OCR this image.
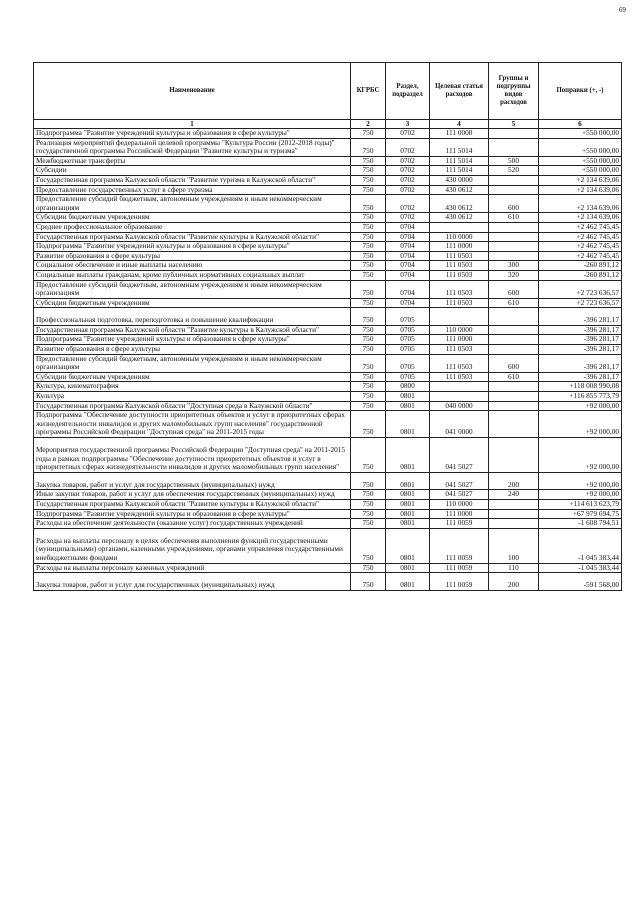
69
Наименование	КГРБС	Раздел, подраздел	Целевая статья расходов	Группы и подгруппы видов расходов	Поправки (+, -)
1	2	3	4	5	6
Подпрограмма "Развитие учреждений культуры и образования в сфере культуры"	750	0702	111 0000		+550 000,00
Реализация мероприятий федеральной целевой программы "Культура России (2012-2018 годы)" государственной программы Российской Федерации "Развитие культуры и туризма"	750	0702	111 5014		+550 000,00
Межбюджетные трансферты	750	0702	111 5014	500	+550 000,00
Субсидии	750	0702	111 5014	520	+550 000,00
Государственная программа Калужской области "Развитие туризма в Калужской области"	750	0702	430 0000		+2 134 639,06
Предоставление государственных услуг в сфере туризма	750	0702	430 0612		+2 134 639,06
Предоставление субсидий бюджетным, автономным учреждениям и иным некоммерческим организациям	750	0702	430 0612	600	+2 134 639,06
Субсидии бюджетным учреждениям	750	0702	430 0612	610	+2 134 639,06
Среднее профессиональное образование	750	0704			+2 462 745,45
Государственная программа Калужской области "Развитие культуры в Калужской области"	750	0704	110 0000		+2 462 745,45
Подпрограмма "Развитие учреждений культуры и образования в сфере культуры"	750	0704	111 0000		+2 462 745,45
Развитие образования в сфере культуры	750	0704	111 0503		+2 462 745,45
Социальное обеспечение и иные выплаты населению	750	0704	111 0503	300	-260 891,12
Социальные выплаты гражданам, кроме публичных нормативных социальных выплат	750	0704	111 0503	320	-260 891,12
Предоставление субсидий бюджетным, автономным учреждениям и иным некоммерческим организациям	750	0704	111 0503	600	+2 723 636,57
Субсидии бюджетным учреждениям	750	0704	111 0503	610	+2 723 636,57

Профессиональная подготовка, переподготовка и повышение квалификации	750	0705			-396 281,17
Государственная программа Калужской области "Развитие культуры в Калужской области"	750	0705	110 0000		-396 281,17
Подпрограмма "Развитие учреждений культуры и образования в сфере культуры"	750	0705	111 0000		-396 281,17
Развитие образования в сфере культуры	750	0705	111 0503		-396 281,17
Предоставление субсидий бюджетным, автономным учреждениям и иным некоммерческим организациям	750	0705	111 0503	600	-396 281,17
Субсидии бюджетным учреждениям	750	0705	111 0503	610	-396 281,17
Культура, кинематография	750	0800			+118 008 990,08
Культура	750	0801			+116 855 773,79
Государственная программа Калужской области "Доступная среда в Калужской области"	750	0801	040 0000		+92 000,00
Подпрограмма "Обеспечение доступности приоритетных объектов и услуг в приоритетных сферах жизнедеятельности инвалидов и других маломобильных групп населения" государственной программы Российской Федерации "Доступная среда" на 2011-2015 годы	750	0801	041 0000		+92 000,00

Мероприятия государственной программы Российской Федерации "Доступная среда" на 2011-2015 годы в рамках подпрограммы "Обеспечение доступности приоритетных объектов и услуг в приоритетных сферах жизнедеятельности инвалидов и других маломобильных групп населения"	750	0801	041 5027		+92 000,00

Закупка товаров, работ и услуг для государственных (муниципальных) нужд	750	0801	041 5027	200	+92 000,00
Иные закупки товаров, работ и услуг для обеспечения государственных (муниципальных) нужд	750	0801	041 5027	240	+92 000,00
Государственная программа Калужской области "Развитие культуры в Калужской области"	750	0801	110 0000		+114 613 623,79
Подпрограмма "Развитие учреждений культуры и образования в сфере культуры"	750	0801	111 0000		+67 979 694,75
Расходы на обеспечение деятельности (оказание услуг) государственных учреждений	750	0801	111 0059		-1 608 794,51

Расходы на выплаты персоналу в целях обеспечения выполнения функций государственными (муниципальными) органами, казенными учреждениями, органами управления государственными внебюджетными фондами	750	0801	111 0059	100	-1 045 383,44
Расходы на выплаты персоналу казенных учреждений	750	0801	111 0059	110	-1 045 383,44

Закупка товаров, работ и услуг для государственных (муниципальных) нужд	750	0801	111 0059	200	-591 568,00
